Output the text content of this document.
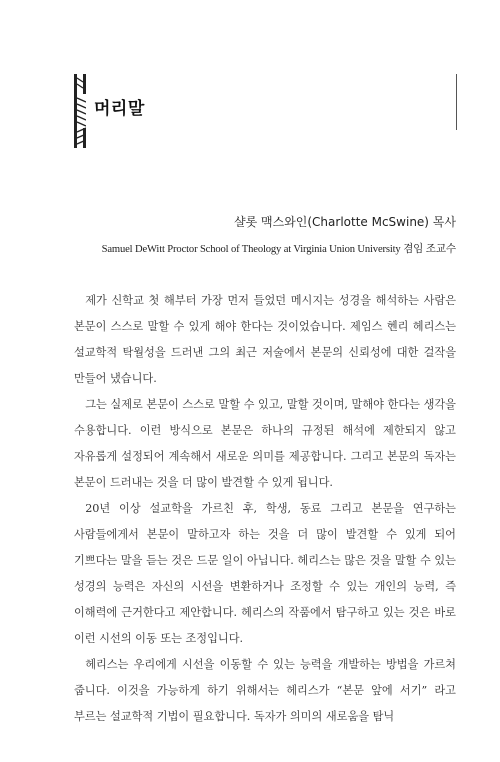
머리말
샬롯 맥스와인(Charlotte McSwine) 목사
Samuel DeWitt Proctor School of Theology at Virginia Union University 겸임 조교수

제가 신학교 첫 해부터 가장 먼저 들었던 메시지는 성경을 해석하는 사람은 본문이 스스로 말할 수 있게 해야 한다는 것이었습니다. 제임스 헨리 헤리스는 설교학적 탁월성을 드러낸 그의 최근 저술에서 본문의 신뢰성에 대한 걸작을 만들어 냈습니다.

그는 실제로 본문이 스스로 말할 수 있고, 말할 것이며, 말해야 한다는 생각을 수용합니다. 이런 방식으로 본문은 하나의 규정된 해석에 제한되지 않고 자유롭게 설정되어 계속해서 새로운 의미를 제공합니다. 그리고 본문의 독자는 본문이 드러내는 것을 더 많이 발견할 수 있게 됩니다.

20년 이상 설교학을 가르친 후, 학생, 동료 그리고 본문을 연구하는 사람들에게서 본문이 말하고자 하는 것을 더 많이 발견할 수 있게 되어 기쁘다는 말을 듣는 것은 드문 일이 아닙니다. 헤리스는 많은 것을 말할 수 있는 성경의 능력은 자신의 시선을 변환하거나 조정할 수 있는 개인의 능력, 즉 이해력에 근거한다고 제안합니다. 헤리스의 작품에서 탐구하고 있는 것은 바로 이런 시선의 이동 또는 조정입니다.

헤리스는 우리에게 시선을 이동할 수 있는 능력을 개발하는 방법을 가르쳐 줍니다. 이것을 가능하게 하기 위해서는 헤리스가 “본문 앞에 서기” 라고 부르는 설교학적 기법이 필요합니다. 독자가 의미의 새로움을 탐닉
